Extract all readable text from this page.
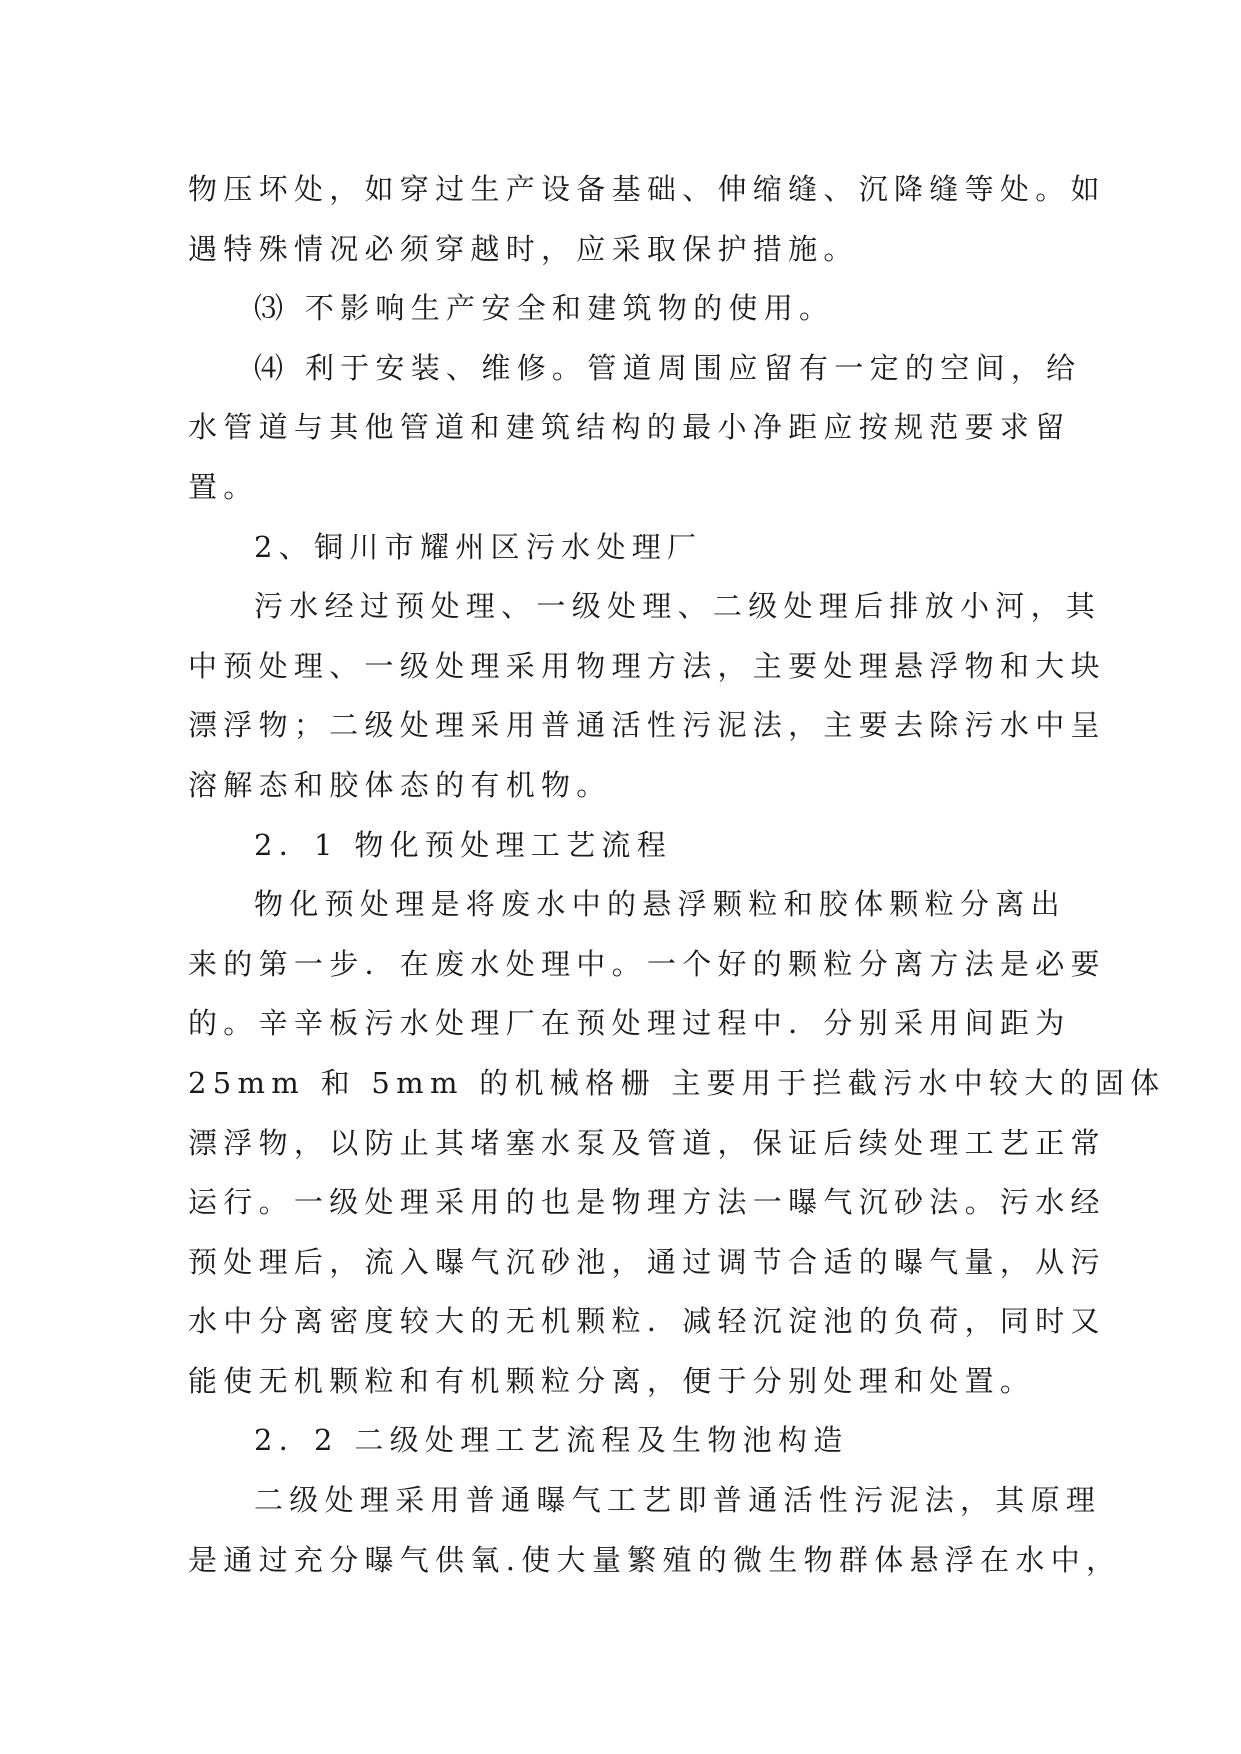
物压坏处，如穿过生产设备基础、伸缩缝、沉降缝等处。如
遇特殊情况必须穿越时，应采取保护措施。
⑶ 不影响生产安全和建筑物的使用。
⑷ 利于安装、维修。管道周围应留有一定的空间，给
水管道与其他管道和建筑结构的最小净距应按规范要求留
置。
2、铜川市耀州区污水处理厂
污水经过预处理、一级处理、二级处理后排放小河，其
中预处理、一级处理采用物理方法，主要处理悬浮物和大块
漂浮物；二级处理采用普通活性污泥法，主要去除污水中呈
溶解态和胶体态的有机物。
2．1 物化预处理工艺流程
物化预处理是将废水中的悬浮颗粒和胶体颗粒分离出
来的第一步．在废水处理中。一个好的颗粒分离方法是必要
的。辛辛板污水处理厂在预处理过程中．分别采用间距为
25mm 和 5mm 的机械格栅 主要用于拦截污水中较大的固体
漂浮物，以防止其堵塞水泵及管道，保证后续处理工艺正常
运行。一级处理采用的也是物理方法一曝气沉砂法。污水经
预处理后，流入曝气沉砂池，通过调节合适的曝气量，从污
水中分离密度较大的无机颗粒．减轻沉淀池的负荷，同时又
能使无机颗粒和有机颗粒分离，便于分别处理和处置。
2．2 二级处理工艺流程及生物池构造
二级处理采用普通曝气工艺即普通活性污泥法，其原理
是通过充分曝气供氧.使大量繁殖的微生物群体悬浮在水中，
